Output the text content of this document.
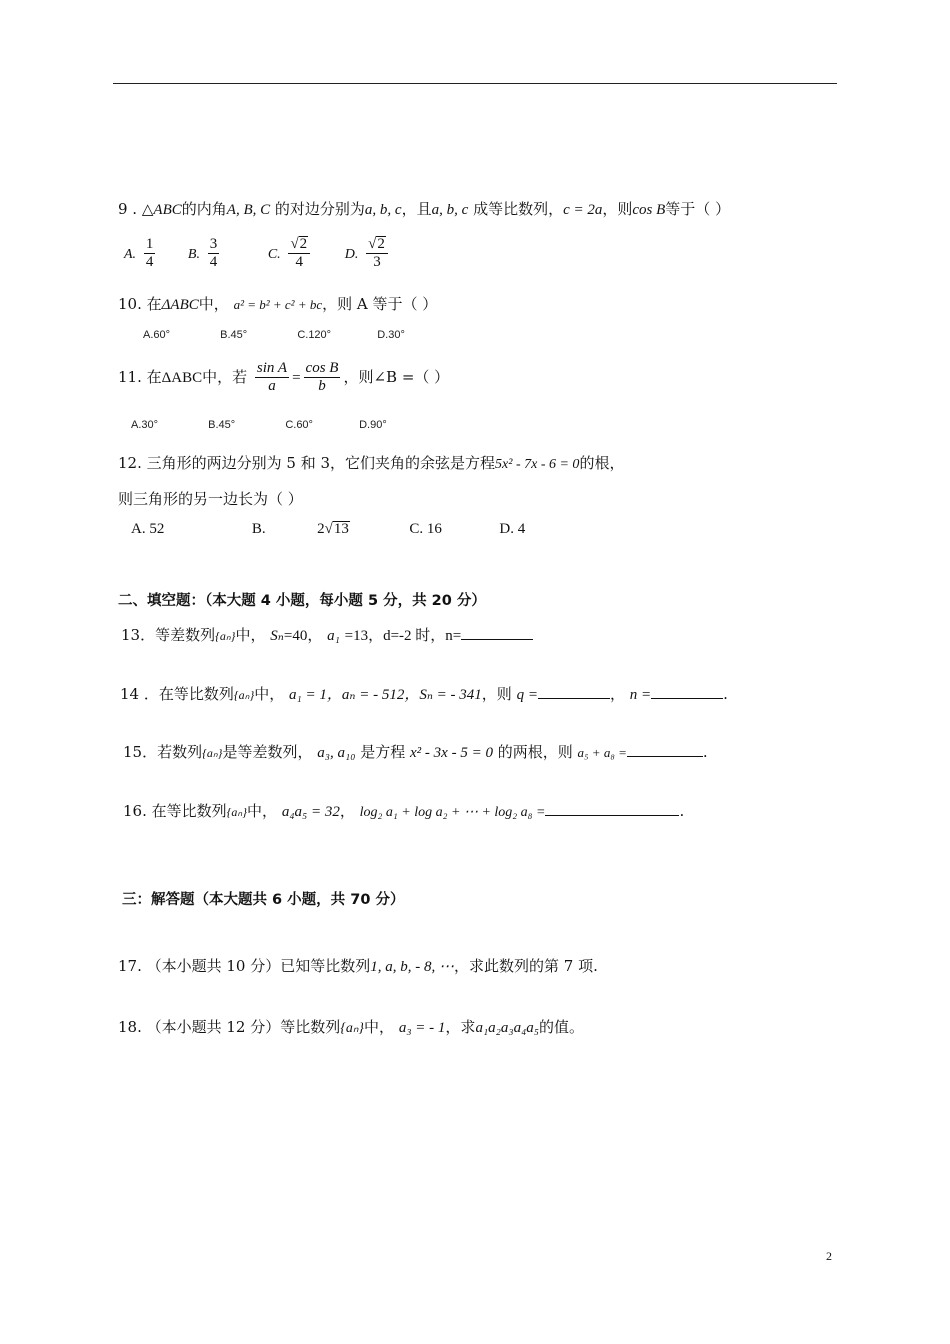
9 . △ABC的内角A, B, C 的对边分别为a, b, c，且a, b, c 成等比数列，c = 2a，则cos B等于（ ）
A. $\frac{1}{4} B$. $\frac{3}{4}$	C. $\frac{√2}{4} D$. $\frac{√2}{3}$
10. 在ΔABC中， a² = b² + c² + bc，则 A 等于（ ）
A.60°	B.45°	C.120°	D.30°
11. 在ΔABC中，若 $\frac{\text{sin A}}{a} = \frac{\text{cos B}}{b}$ ，则∠B =（ ）
A.30°	B.45°	C.60°	D.90°
12. 三角形的两边分别为 5 和 3，它们夹角的余弦是方程5x² - 7x - 6 = 0的根，
则三角形的另一边长为（ ）
A. 52	B.	2√13	C. 16	D. 4
二、填空题：（本大题 4 小题，每小题 5 分，共 20 分）
13．等差数列{aₙ}中， Sₙ=40， a₁ =13，d=-2 时，n=
14 ．在等比数列{aₙ}中， a₁ = 1，aₙ = - 512，Sₙ = - 341，则 q =	， n =	.
15．若数列{aₙ}是等差数列， a₃, a₁₀ 是方程 x² - 3x - 5 = 0 的两根，则 a₅ + a₈ =	.
16. 在等比数列{aₙ}中， a₄a₅ = 32， log₂ a₁ + log a₂ + ⋯ + log₂ a₈ =	.
三：解答题（本大题共 6 小题，共 70 分）
17. （本小题共 10 分）已知等比数列1, a, b, - 8, ⋯，求此数列的第 7 项.
18. （本小题共 12 分）等比数列{aₙ}中， a₃ = - 1，求a₁a₂a₃a₄a₅的值。
2
